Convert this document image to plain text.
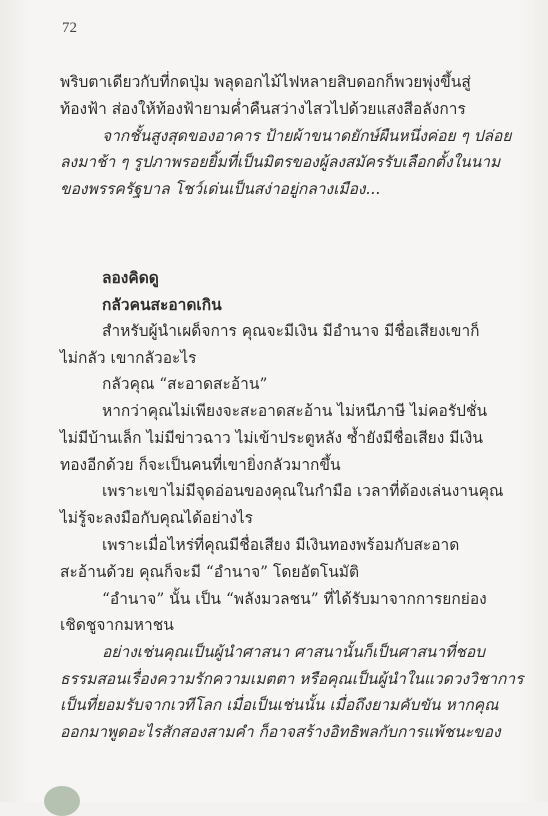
72
พริบตาเดียวกับที่กดปุ่ม พลุดอกไม้ไฟหลายสิบดอกก็พวยพุ่งขึ้นสู่
ท้องฟ้า ส่องให้ท้องฟ้ายามค่ำคืนสว่างไสวไปด้วยแสงสีอลังการ
จากชั้นสูงสุดของอาคาร ป้ายผ้าขนาดยักษ์ผืนหนึ่งค่อย ๆ ปล่อย
ลงมาช้า ๆ รูปภาพรอยยิ้มที่เป็นมิตรของผู้ลงสมัครรับเลือกตั้งในนาม
ของพรรครัฐบาล โชว์เด่นเป็นสง่าอยู่กลางเมือง...
ลองคิดดู
กลัวคนสะอาดเกิน
สำหรับผู้นำเผด็จการ คุณจะมีเงิน มีอำนาจ มีชื่อเสียงเขาก็
ไม่กลัว เขากลัวอะไร
กลัวคุณ “สะอาดสะอ้าน”
หากว่าคุณไม่เพียงจะสะอาดสะอ้าน ไม่หนีภาษี ไม่คอรัปชั่น
ไม่มีบ้านเล็ก ไม่มีข่าวฉาว ไม่เข้าประตูหลัง ซ้ำยังมีชื่อเสียง มีเงิน
ทองอีกด้วย ก็จะเป็นคนที่เขายิ่งกลัวมากขึ้น
เพราะเขาไม่มีจุดอ่อนของคุณในกำมือ เวลาที่ต้องเล่นงานคุณ
ไม่รู้จะลงมือกับคุณได้อย่างไร
เพราะเมื่อไหร่ที่คุณมีชื่อเสียง มีเงินทองพร้อมกับสะอาด
สะอ้านด้วย คุณก็จะมี “อำนาจ” โดยอัตโนมัติ
“อำนาจ” นั้น เป็น “พลังมวลชน” ที่ได้รับมาจากการยกย่อง
เชิดชูจากมหาชน
อย่างเช่นคุณเป็นผู้นำศาสนา ศาสนานั้นก็เป็นศาสนาที่ชอบ
ธรรมสอนเรื่องความรักความเมตตา หรือคุณเป็นผู้นำในแวดวงวิชาการ
เป็นที่ยอมรับจากเวทีโลก เมื่อเป็นเช่นนั้น เมื่อถึงยามคับขัน หากคุณ
ออกมาพูดอะไรสักสองสามคำ ก็อาจสร้างอิทธิพลกับการแพ้ชนะของ
